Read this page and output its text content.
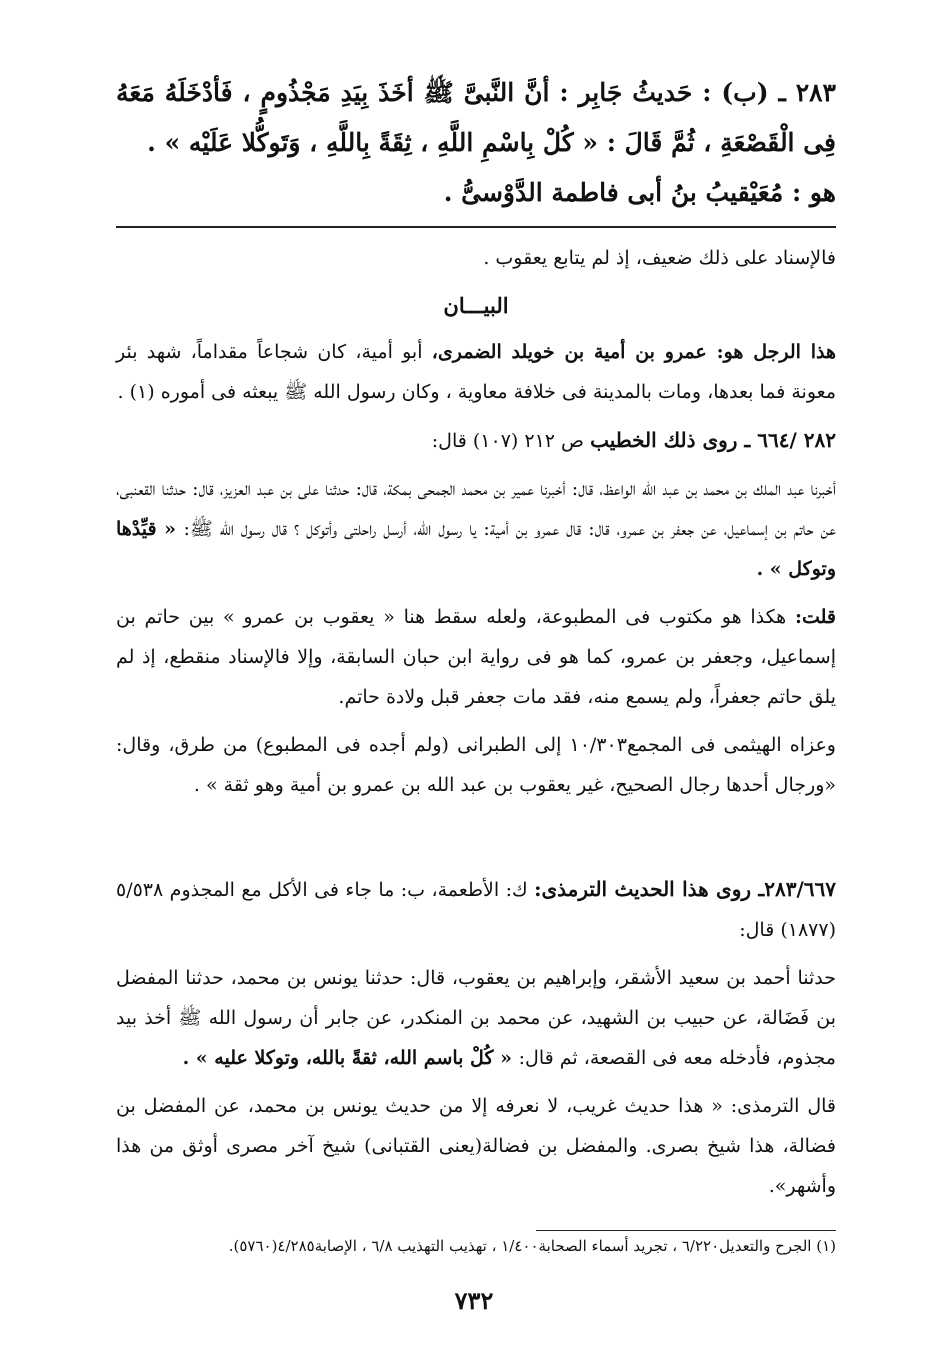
٢٨٣ ـ (ب) : حَديثُ جَابِر : أنَّ النَّبىَّ ﷺ أخَذَ بِيَدِ مَجْذُومٍ ، فَأدْخَلَهُ مَعَهُ فِى الْقَصْعَةِ ، ثُمَّ قَالَ : « كُلْ بِاسْمِ اللَّهِ ، ثِقَةً بِاللَّهِ ، وَتَوكُّلا عَلَيْه » .

هو : مُعَيْقيبُ بنُ أبى فاطمة الدَّوْسىُّ .

فالإسناد على ذلك ضعيف، إذ لم يتابع يعقوب .

البيـــان

هذا الرجل هو: عمرو بن أمية بن خويلد الضمرى، أبو أمية، كان شجاعاً مقداماً، شهد بئر معونة فما بعدها، ومات بالمدينة فى خلافة معاوية ، وكان رسول الله ﷺ يبعثه فى أموره (١) .

٢٨٢ /٦٦٤ ـ روى ذلك الخطيب ص ٢١٢ (١٠٧) قال:

أخبرنا عبد الملك بن محمد بن عبد الله الواعظ، قال: أخبرنا عمير بن محمد الجمحى بمكة، قال: حدثنا على بن عبد العزيز، قال: حدثنا القعنبى، عن حاتم بن إسماعيل، عن جعفر بن عمرو، قال: قال عمرو بن أمية: يا رسول الله، أرسل راحلتى وأتوكل ؟ قال رسول الله ﷺ: « قيِّدْها وتوكل » .

قلت: هكذا هو مكتوب فى المطبوعة، ولعله سقط هنا « يعقوب بن عمرو » بين حاتم بن إسماعيل، وجعفر بن عمرو، كما هو فى رواية ابن حبان السابقة، وإلا فالإسناد منقطع، إذ لم يلق حاتم جعفراً، ولم يسمع منه، فقد مات جعفر قبل ولادة حاتم.

وعزاه الهيثمى فى المجمع١٠/٣٠٣ إلى الطبرانى (ولم أجده فى المطبوع) من طرق، وقال: «ورجال أحدها رجال الصحيح، غير يعقوب بن عبد الله بن عمرو بن أمية وهو ثقة » .

٢٨٣/٦٦٧ـ روى هذا الحديث الترمذى: ك: الأطعمة، ب: ما جاء فى الأكل مع المجذوم ٥/٥٣٨ (١٨٧٧) قال:

حدثنا أحمد بن سعيد الأشقر، وإبراهيم بن يعقوب، قال: حدثنا يونس بن محمد، حدثنا المفضل بن فَضَالة، عن حبيب بن الشهيد، عن محمد بن المنكدر، عن جابر أن رسول الله ﷺ أخذ بيد مجذوم، فأدخله معه فى القصعة، ثم قال: « كُلْ باسم الله، ثقةً بالله، وتوكلا عليه » .

قال الترمذى: « هذا حديث غريب، لا نعرفه إلا من حديث يونس بن محمد، عن المفضل بن فضالة، هذا شيخ بصرى. والمفضل بن فضالة(يعنى القتبانى) شيخ آخر مصرى أوثق من هذا وأشهر».

(١) الجرح والتعديل٦/٢٢٠ ، تجريد أسماء الصحابة١/٤٠٠ ، تهذيب التهذيب ٦/٨ ، الإصابة٤/٢٨٥(٥٧٦٠).
٧٣٢
